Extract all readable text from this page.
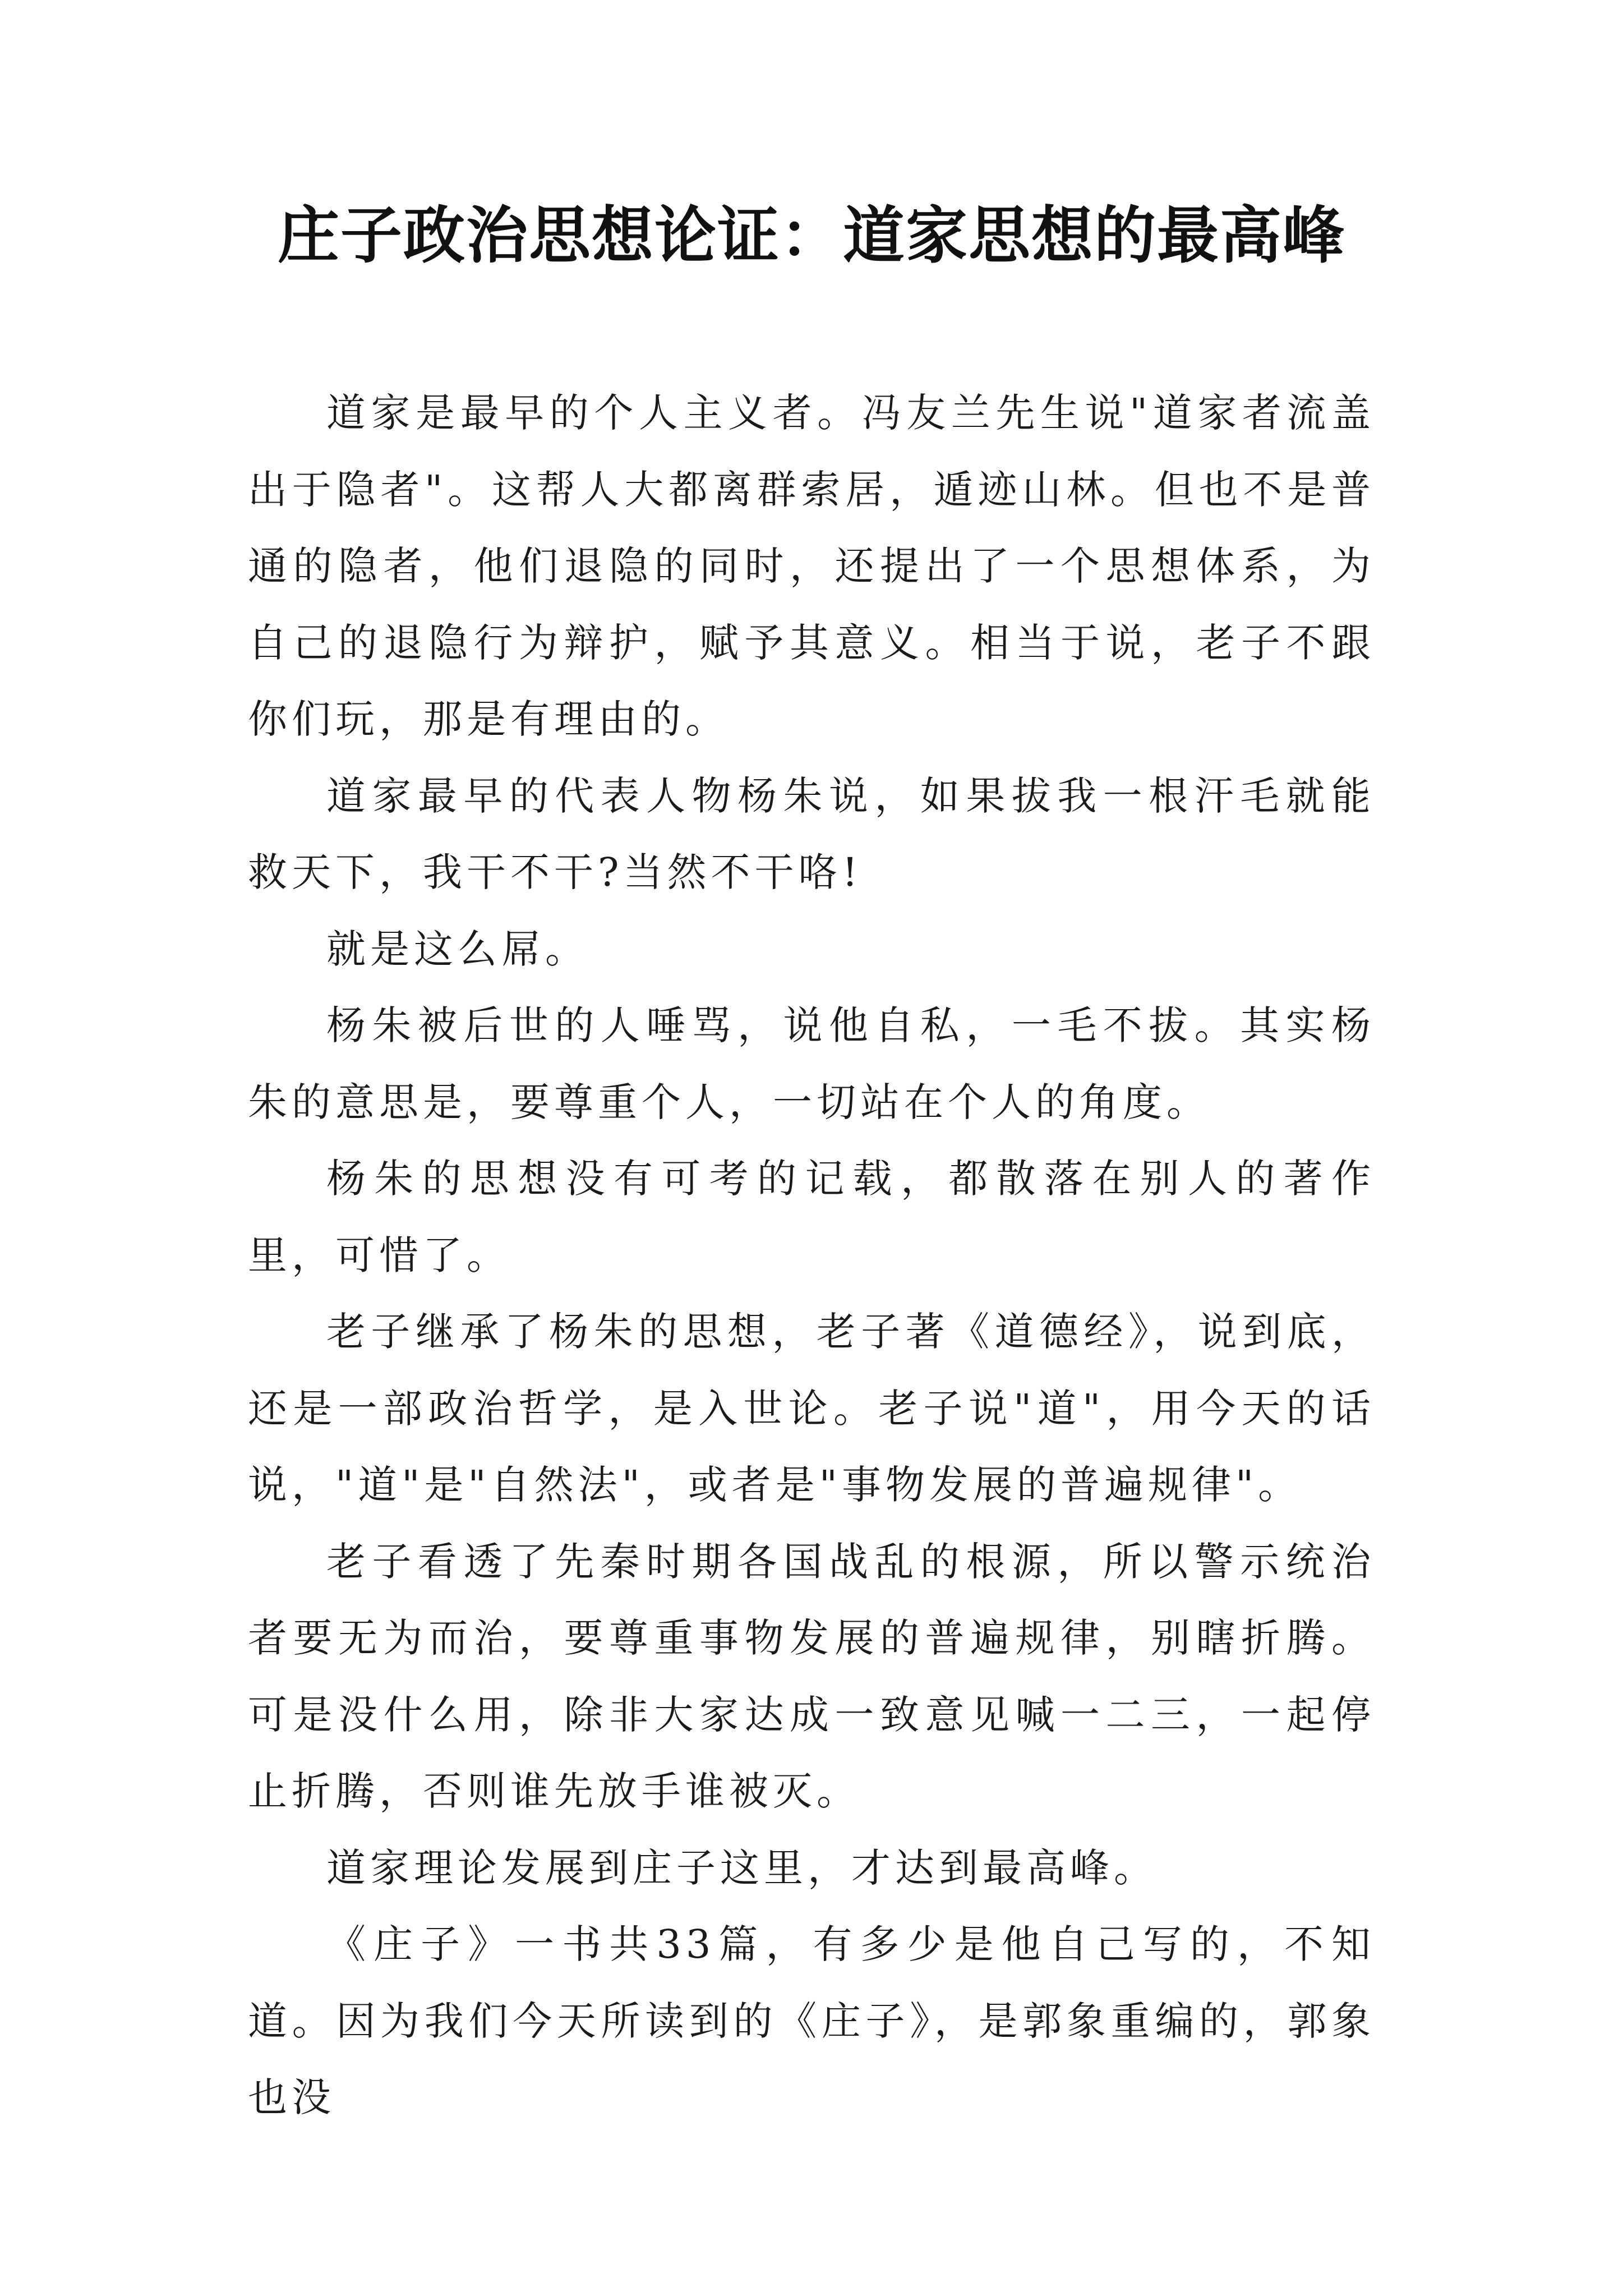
庄子政治思想论证：道家思想的最高峰

道家是最早的个人主义者。冯友兰先生说"道家者流盖出于隐者"。这帮人大都离群索居，遁迹山林。但也不是普通的隐者，他们退隐的同时，还提出了一个思想体系，为自己的退隐行为辩护，赋予其意义。相当于说，老子不跟你们玩，那是有理由的。

道家最早的代表人物杨朱说，如果拔我一根汗毛就能救天下，我干不干?当然不干咯!

就是这么屌。

杨朱被后世的人唾骂，说他自私，一毛不拔。其实杨朱的意思是，要尊重个人，一切站在个人的角度。

杨朱的思想没有可考的记载，都散落在别人的著作里，可惜了。

老子继承了杨朱的思想，老子著《道德经》，说到底，还是一部政治哲学，是入世论。老子说"道"，用今天的话说，"道"是"自然法"，或者是"事物发展的普遍规律"。

老子看透了先秦时期各国战乱的根源，所以警示统治者要无为而治，要尊重事物发展的普遍规律，别瞎折腾。可是没什么用，除非大家达成一致意见喊一二三，一起停止折腾，否则谁先放手谁被灭。

道家理论发展到庄子这里，才达到最高峰。

《庄子》一书共33篇，有多少是他自己写的，不知道。因为我们今天所读到的《庄子》，是郭象重编的，郭象也没
